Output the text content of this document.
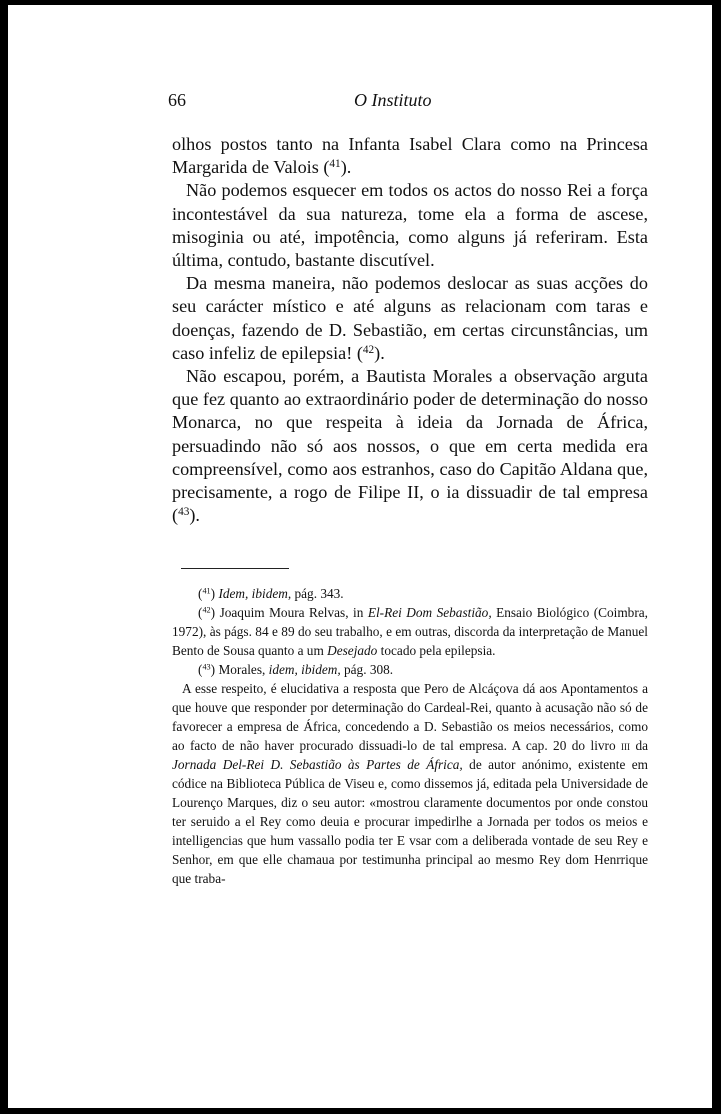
66	O Instituto

olhos postos tanto na Infanta Isabel Clara como na Princesa Margarida de Valois ($^{41}$).

Não podemos esquecer em todos os actos do nosso Rei a força incontestável da sua natureza, tome ela a forma de ascese, misoginia ou até, impotência, como alguns já referiram. Esta última, contudo, bastante discutível.

Da mesma maneira, não podemos deslocar as suas acções do seu carácter místico e até alguns as relacionam com taras e doenças, fazendo de D. Sebastião, em certas circunstâncias, um caso infeliz de epilepsia! ($^{42}$).

Não escapou, porém, a Bautista Morales a observação arguta que fez quanto ao extraordinário poder de determinação do nosso Monarca, no que respeita à ideia da Jornada de África, persuadindo não só aos nossos, o que em certa medida era compreensível, como aos estranhos, caso do Capitão Aldana que, precisamente, a rogo de Filipe II, o ia dissuadir de tal empresa ($^{43}$).

($^{41}$) Idem, ibidem, pág. 343.

($^{42}$) Joaquim Moura Relvas, in El-Rei Dom Sebastião, Ensaio Biológico (Coimbra, 1972), às págs. 84 e 89 do seu trabalho, e em outras, discorda da interpretação de Manuel Bento de Sousa quanto a um Desejado tocado pela epilepsia.

($^{43}$) Morales, idem, ibidem, pág. 308.

A esse respeito, é elucidativa a resposta que Pero de Alcáçova dá aos Apontamentos a que houve que responder por determinação do Cardeal-Rei, quanto à acusação não só de favorecer a empresa de África, concedendo a D. Sebastião os meios necessários, como ao facto de não haver procurado dissuadi-lo de tal empresa. A cap. 20 do livro iii da Jornada Del-Rei D. Sebastião às Partes de África, de autor anónimo, existente em códice na Biblioteca Pública de Viseu e, como dissemos já, editada pela Universidade de Lourenço Marques, diz o seu autor: «mostrou claramente documentos por onde constou ter seruido a el Rey como deuia e procurar impedirlhe a Jornada per todos os meios e intelligencias que hum vassallo podia ter E vsar com a deliberada vontade de seu Rey e Senhor, em que elle chamaua por testimunha principal ao mesmo Rey dom Henrrique que traba-
